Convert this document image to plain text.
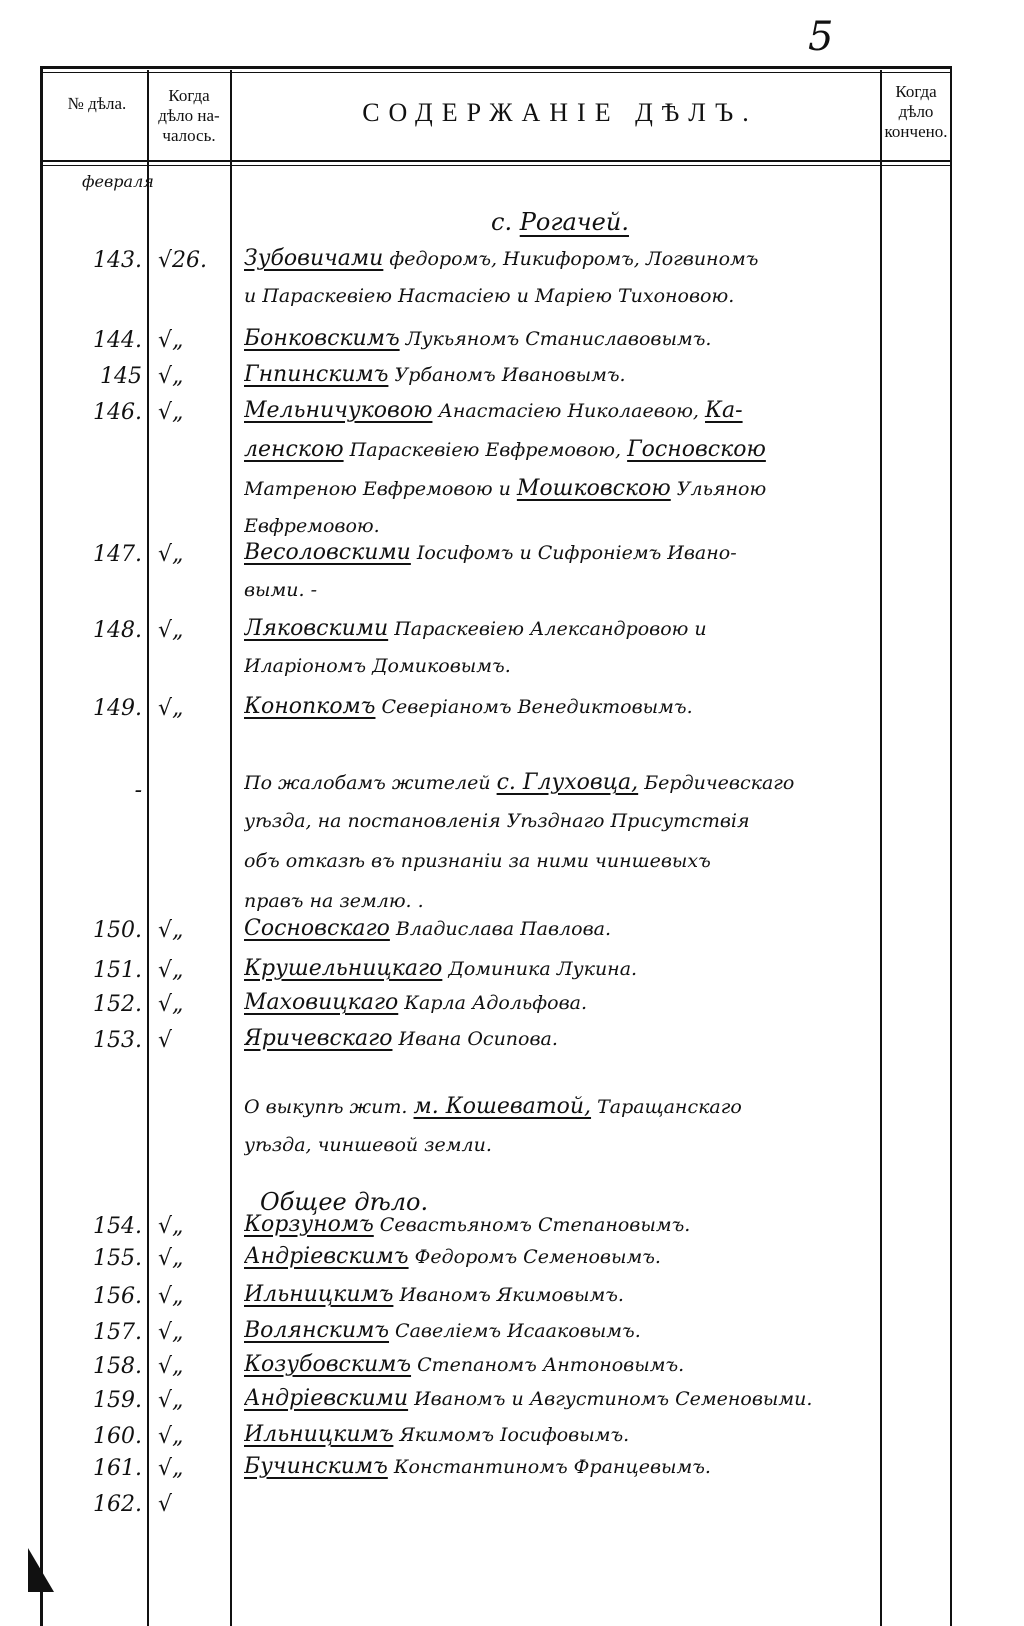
5
№ дѣла.	Когда дѣло на- чалось.
СОДЕРЖАНІЕ ДѢЛЪ.
Когда дѣло кончено.
февраля
с. Рогачей.
143. √26.	Зубовичами федоромъ, Никифоромъ, Логвиномъ
и Параскевіею Настасіею и Маріею Тихоновою.
144. √„	Бонковскимъ Лукьяномъ Станиславовымъ.
145 √„	Гнпинскимъ Урбаномъ Ивановымъ.
146. √„	Мельничуковою Анастасіею Николаевою, Ка-
ленскою Параскевіею Евфремовою, Госновскою
Матреною Евфремовою и Мошковскою Ульяною
Евфремовою.
147. √„	Весоловскими Іосифомъ и Сифроніемъ Ивано-
выми. -
148. √„	Ляковскими Параскевіею Александровою и
Иларіономъ Домиковымъ.
149. √„	Конопкомъ Северіаномъ Венедиктовымъ.
-	По жалобамъ жителей с. Глуховца, Бердичевскаго
уѣзда, на постановленія Уѣзднаго Присутствія
объ отказѣ въ признаніи за ними чиншевыхъ
правъ на землю. .
150. √„	Сосновскаго Владислава Павлова.
151. √„	Крушельницкаго Доминика Лукина.
152. √„	Маховицкаго Карла Адольфова.
153. √	Яричевскаго Ивана Осипова.
О выкупѣ жит. м. Кошеватой, Таращанскаго
уѣзда, чиншевой земли.
Общее дѣло.
154. √„	Корзуномъ Севастьяномъ Степановымъ.
155. √„	Андріевскимъ Федоромъ Семеновымъ.
156. √„	Ильницкимъ Иваномъ Якимовымъ.
157. √„	Волянскимъ Савеліемъ Исааковымъ.
158. √„	Козубовскимъ Степаномъ Антоновымъ.
159. √„	Андріевскими Иваномъ и Августиномъ Семеновыми.
160. √„	Ильницкимъ Якимомъ Іосифовымъ.
161. √„	Бучинскимъ Константиномъ Францевымъ.
162. √
